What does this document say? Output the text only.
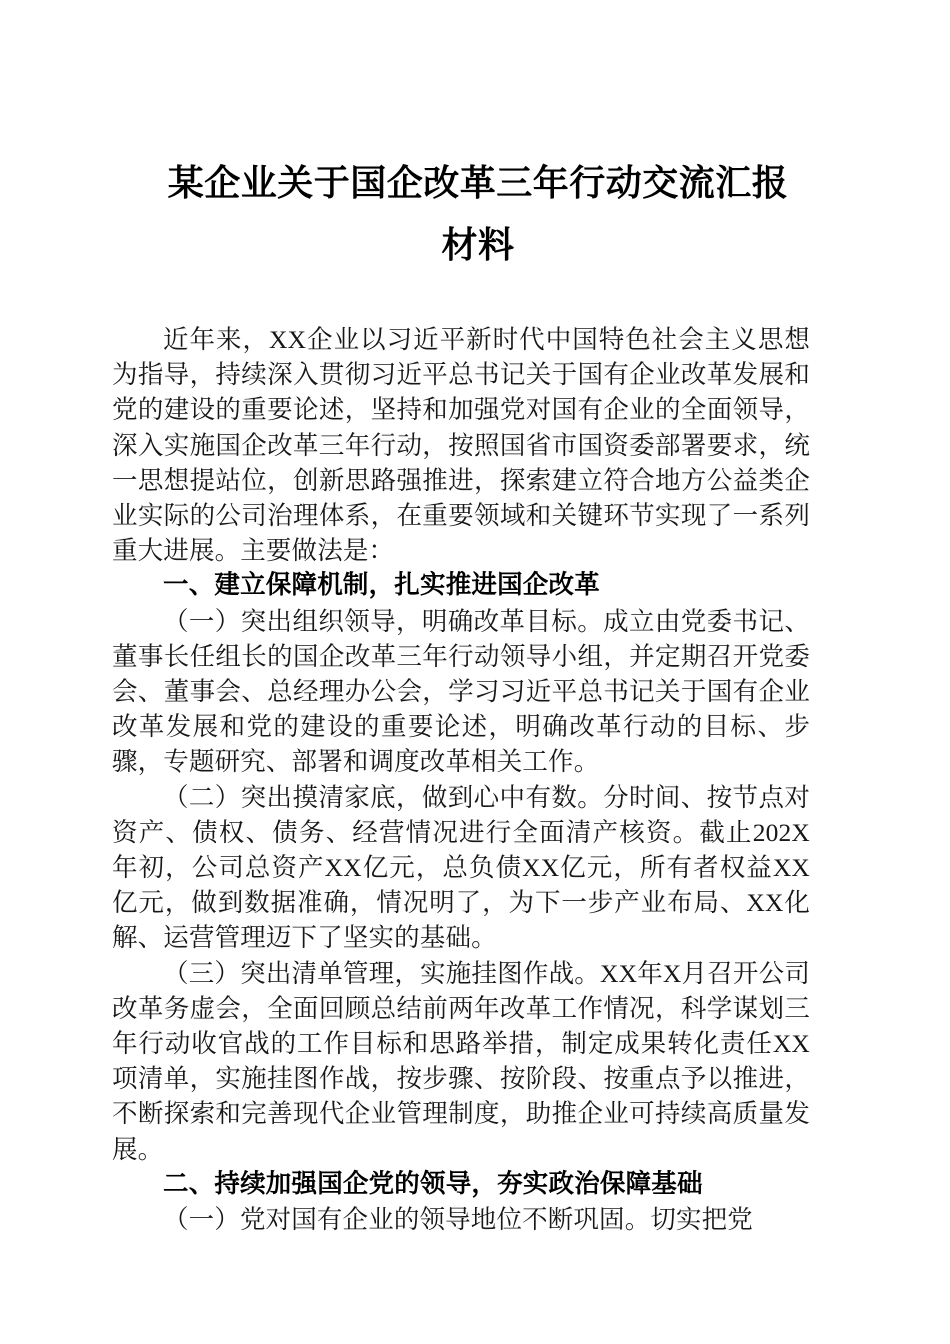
某企业关于国企改革三年行动交流汇报材料

近年来，XX企业以习近平新时代中国特色社会主义思想为指导，持续深入贯彻习近平总书记关于国有企业改革发展和党的建设的重要论述，坚持和加强党对国有企业的全面领导，深入实施国企改革三年行动，按照国省市国资委部署要求，统一思想提站位，创新思路强推进，探索建立符合地方公益类企业实际的公司治理体系，在重要领域和关键环节实现了一系列重大进展。主要做法是：

一、建立保障机制，扎实推进国企改革

（一）突出组织领导，明确改革目标。成立由党委书记、董事长任组长的国企改革三年行动领导小组，并定期召开党委会、董事会、总经理办公会，学习习近平总书记关于国有企业改革发展和党的建设的重要论述，明确改革行动的目标、步骤，专题研究、部署和调度改革相关工作。

（二）突出摸清家底，做到心中有数。分时间、按节点对资产、债权、债务、经营情况进行全面清产核资。截止202X年初，公司总资产XX亿元，总负债XX亿元，所有者权益XX亿元，做到数据准确，情况明了，为下一步产业布局、XX化解、运营管理迈下了坚实的基础。

（三）突出清单管理，实施挂图作战。XX年X月召开公司改革务虚会，全面回顾总结前两年改革工作情况，科学谋划三年行动收官战的工作目标和思路举措，制定成果转化责任XX项清单，实施挂图作战，按步骤、按阶段、按重点予以推进，不断探索和完善现代企业管理制度，助推企业可持续高质量发展。

二、持续加强国企党的领导，夯实政治保障基础

（一）党对国有企业的领导地位不断巩固。切实把党
